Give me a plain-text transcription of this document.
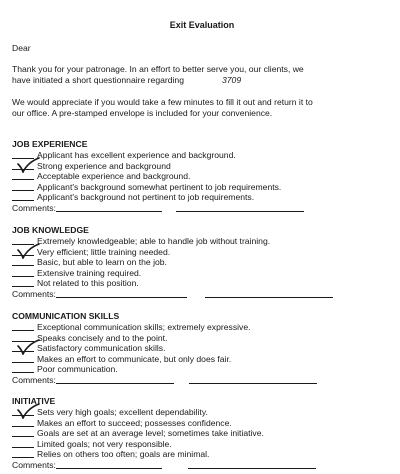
Exit Evaluation
Dear
Thank you for your patronage. In an effort to better serve you, our clients, we
have initiated a short questionnaire regarding	3709
We would appreciate if you would take a few minutes to fill it out and return it to
our office. A pre-stamped envelope is included for your convenience.
JOB EXPERIENCE
Applicant has excellent experience and background.
Strong experience and background
Acceptable experience and background.
Applicant's background somewhat pertinent to job requirements.
Applicant's background not pertinent to job requirements.
Comments:
JOB KNOWLEDGE
Extremely knowledgeable; able to handle job without training.
Very efficient; little training needed.
Basic, but able to learn on the job.
Extensive training required.
Not related to this position.
Comments:
COMMUNICATION SKILLS
Exceptional communication skills; extremely expressive.
Speaks concisely and to the point.
Satisfactory communication skills.
Makes an effort to communicate, but only does fair.
Poor communication.
Comments:
INITIATIVE
Sets very high goals; excellent dependability.
Makes an effort to succeed; possesses confidence.
Goals are set at an average level; sometimes take initiative.
Limited goals; not very responsible.
Relies on others too often; goals are minimal.
Comments:
